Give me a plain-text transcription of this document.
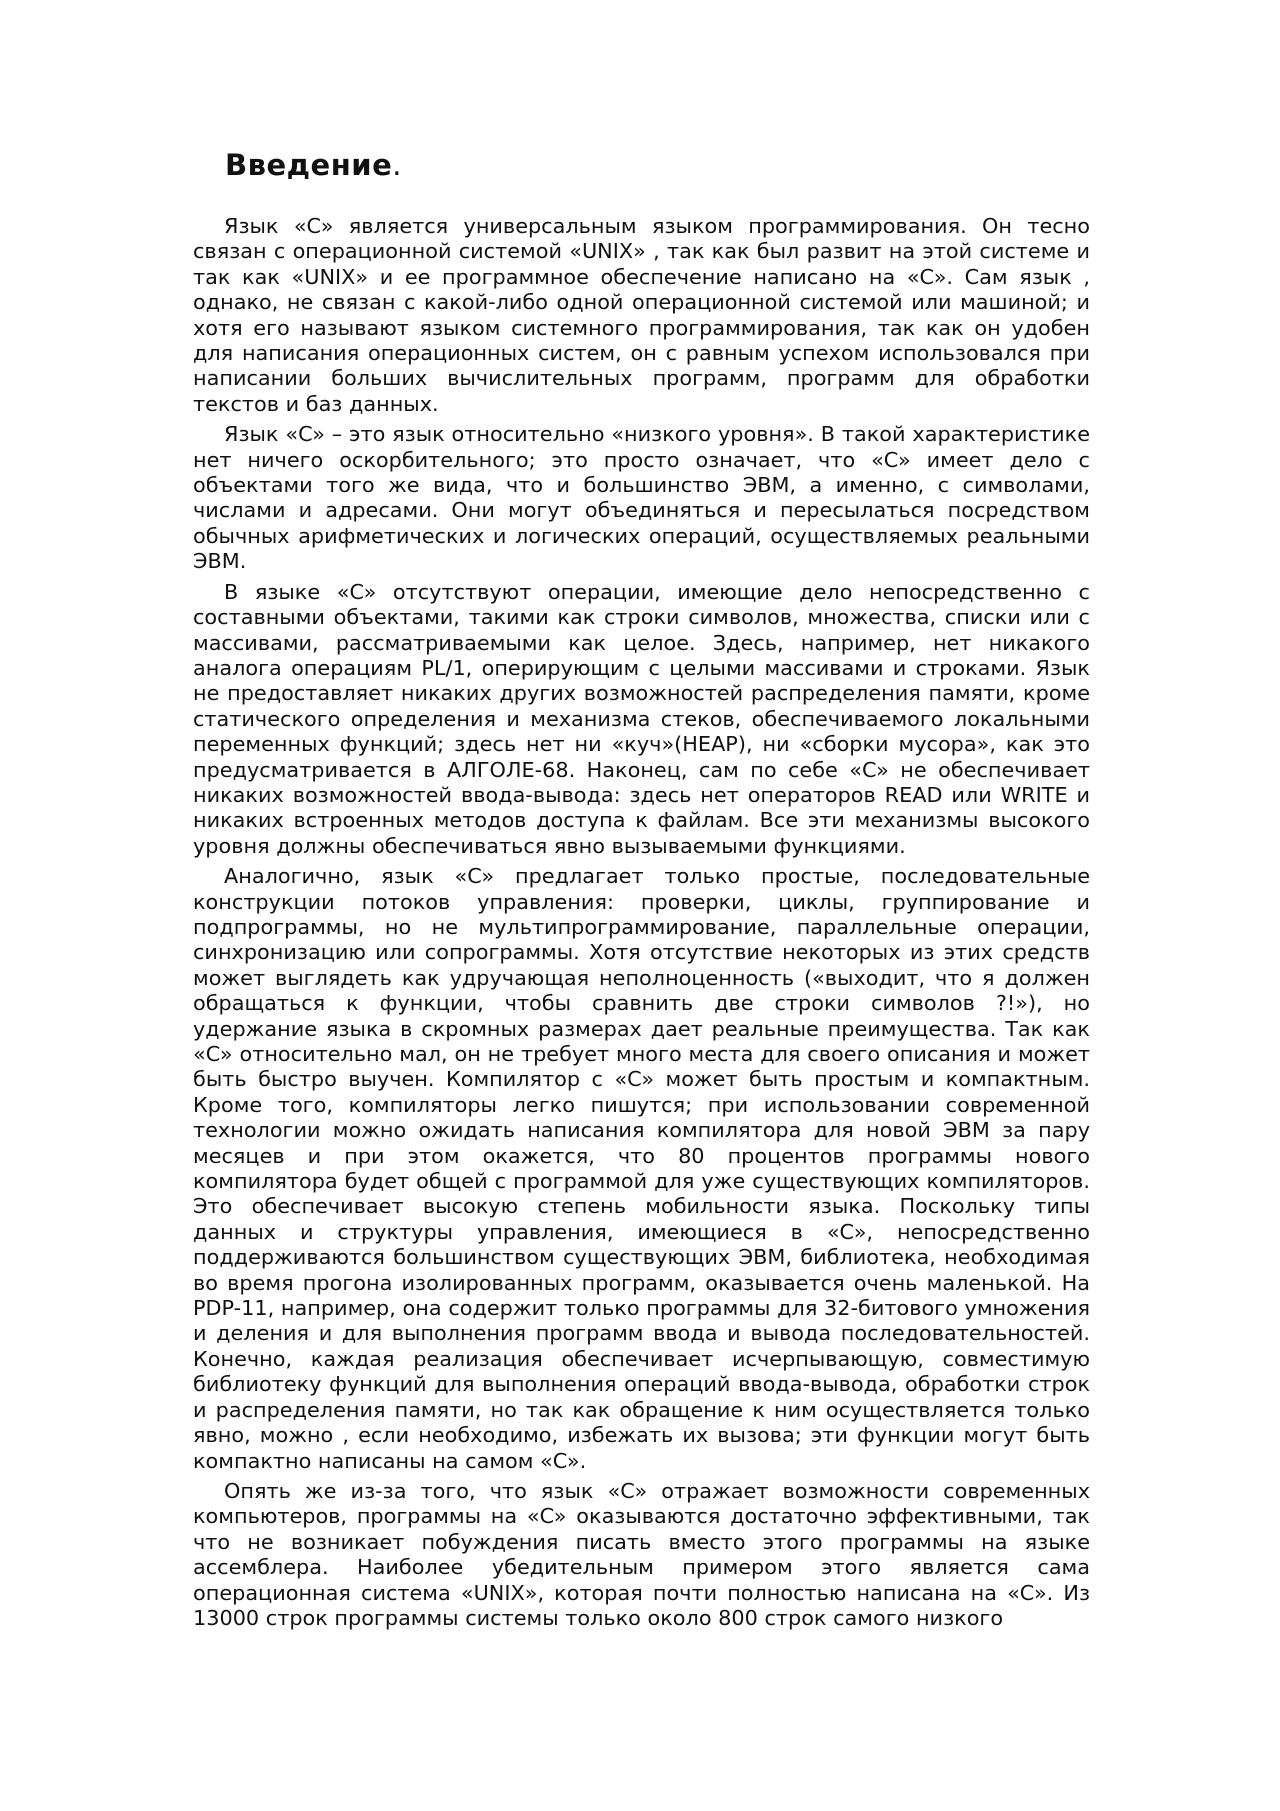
Введение.

Язык «C» является универсальным языком программирования. Он тесно связан с операционной системой «UNIX» , так как был развит на этой системе и так как «UNIX» и ее программное обеспечение написано на «C». Сам язык , однако, не связан с какой-либо одной операционной системой или машиной; и хотя его называют языком системного программирования, так как он удобен для написания операционных систем, он с равным успехом использовался при написании больших вычислительных программ, программ для обработки текстов и баз данных.

Язык «C» – это язык относительно «низкого уровня». В такой характеристике нет ничего оскорбительного; это просто означает, что «C» имеет дело с объектами того же вида, что и большинство ЭВМ, а именно, с символами, числами и адресами. Они могут объединяться и пересылаться посредством обычных арифметических и логических операций, осуществляемых реальными ЭВМ.

В языке «C» отсутствуют операции, имеющие дело непосредственно с составными объектами, такими как строки символов, множества, списки или с массивами, рассматриваемыми как целое. Здесь, например, нет никакого аналога операциям PL/1, оперирующим с целыми массивами и строками. Язык не предоставляет никаких других возможностей распределения памяти, кроме статического определения и механизма стеков, обеспечиваемого локальными переменных функций; здесь нет ни «куч»(HEAP), ни «сборки мусора», как это предусматривается в АЛГОЛЕ-68. Наконец, сам по себе «C» не обеспечивает никаких возможностей ввода-вывода: здесь нет операторов READ или WRITE и никаких встроенных методов доступа к файлам. Все эти механизмы высокого уровня должны обеспечиваться явно вызываемыми функциями.

Аналогично, язык «C» предлагает только простые, последовательные конструкции потоков управления: проверки, циклы, группирование и подпрограммы, но не мультипрограммирование, параллельные операции, синхронизацию или сопрограммы. Хотя отсутствие некоторых из этих средств может выглядеть как удручающая неполноценность («выходит, что я должен обращаться к функции, чтобы сравнить две строки символов ?!»), но удержание языка в скромных размерах дает реальные преимущества. Так как «C» относительно мал, он не требует много места для своего описания и может быть быстро выучен. Компилятор с «C» может быть простым и компактным. Кроме того, компиляторы легко пишутся; при использовании современной технологии можно ожидать написания компилятора для новой ЭВМ за пару месяцев и при этом окажется, что 80 процентов программы нового компилятора будет общей с программой для уже существующих компиляторов. Это обеспечивает высокую степень мобильности языка. Поскольку типы данных и структуры управления, имеющиеся в «C», непосредственно поддерживаются большинством существующих ЭВМ, библиотека, необходимая во время прогона изолированных программ, оказывается очень маленькой. На PDP-11, например, она содержит только программы для 32-битового умножения и деления и для выполнения программ ввода и вывода последовательностей. Конечно, каждая реализация обеспечивает исчерпывающую, совместимую библиотеку функций для выполнения операций ввода-вывода, обработки строк и распределения памяти, но так как обращение к ним осуществляется только явно, можно , если необходимо, избежать их вызова; эти функции могут быть компактно написаны на самом «C».

Опять же из-за того, что язык «C» отражает возможности современных компьютеров, программы на «C» оказываются достаточно эффективными, так что не возникает побуждения писать вместо этого программы на языке ассемблера. Наиболее убедительным примером этого является сама операционная система «UNIX», которая почти полностью написана на «C». Из 13000 строк программы системы только около 800 строк самого низкого
